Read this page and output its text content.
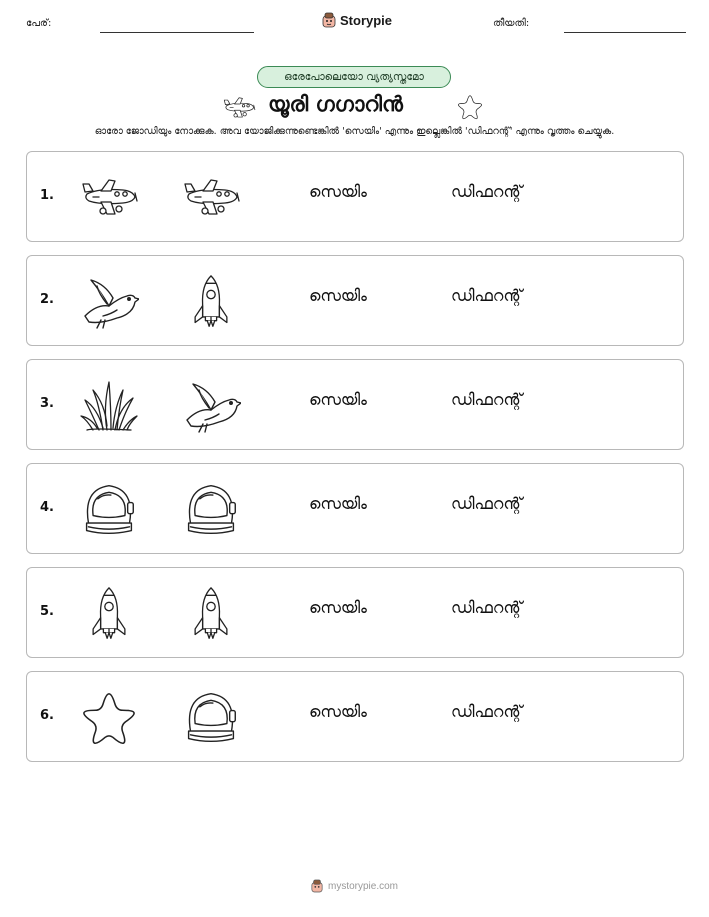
പേര്:	Storypie	തീയതി:
ഒരേപോലെയോ വ്യത്യസ്തമോ
യൂരി ഗഗാറിൻ
ഓരോ ജോഡിയും നോക്കുക. അവ യോജിക്കുന്നുണ്ടെങ്കിൽ 'സെയിം' എന്നും ഇല്ലെങ്കിൽ 'ഡിഫറന്റ്' എന്നും വൃത്തം ചെയ്യുക.
1.	സെയിം	ഡിഫറന്റ്
2.	സെയിം	ഡിഫറന്റ്
3.	സെയിം	ഡിഫറന്റ്
4.	സെയിം	ഡിഫറന്റ്
5.	സെയിം	ഡിഫറന്റ്
6.	സെയിം	ഡിഫറന്റ്
mystorypie.com
